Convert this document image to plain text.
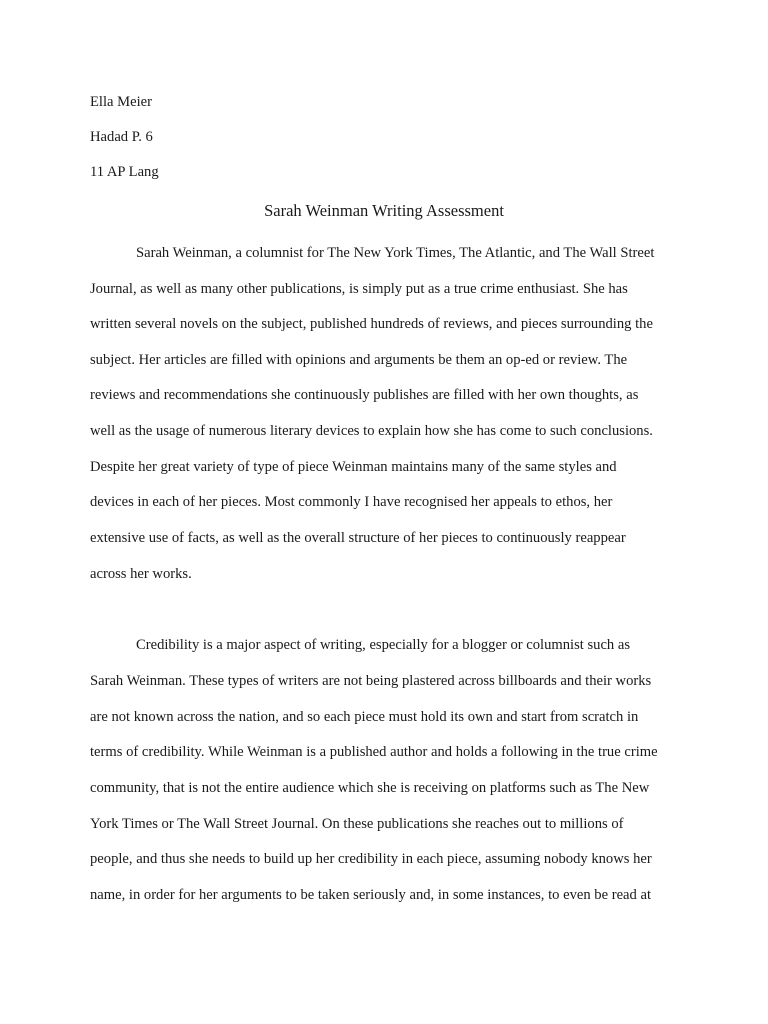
Ella Meier
Hadad P. 6
11 AP Lang
Sarah Weinman Writing Assessment
Sarah Weinman, a columnist for The New York Times, The Atlantic, and The Wall Street
Journal, as well as many other publications, is simply put as a true crime enthusiast. She has
written several novels on the subject, published hundreds of reviews, and pieces surrounding the
subject. Her articles are filled with opinions and arguments be them an op-ed or review. The
reviews and recommendations she continuously publishes are filled with her own thoughts, as
well as the usage of numerous literary devices to explain how she has come to such conclusions.
Despite her great variety of type of piece Weinman maintains many of the same styles and
devices in each of her pieces. Most commonly I have recognised her appeals to ethos, her
extensive use of facts, as well as the overall structure of her pieces to continuously reappear
across her works.
Credibility is a major aspect of writing, especially for a blogger or columnist such as
Sarah Weinman. These types of writers are not being plastered across billboards and their works
are not known across the nation, and so each piece must hold its own and start from scratch in
terms of credibility. While Weinman is a published author and holds a following in the true crime
community, that is not the entire audience which she is receiving on platforms such as The New
York Times or The Wall Street Journal. On these publications she reaches out to millions of
people, and thus she needs to build up her credibility in each piece, assuming nobody knows her
name, in order for her arguments to be taken seriously and, in some instances, to even be read at
